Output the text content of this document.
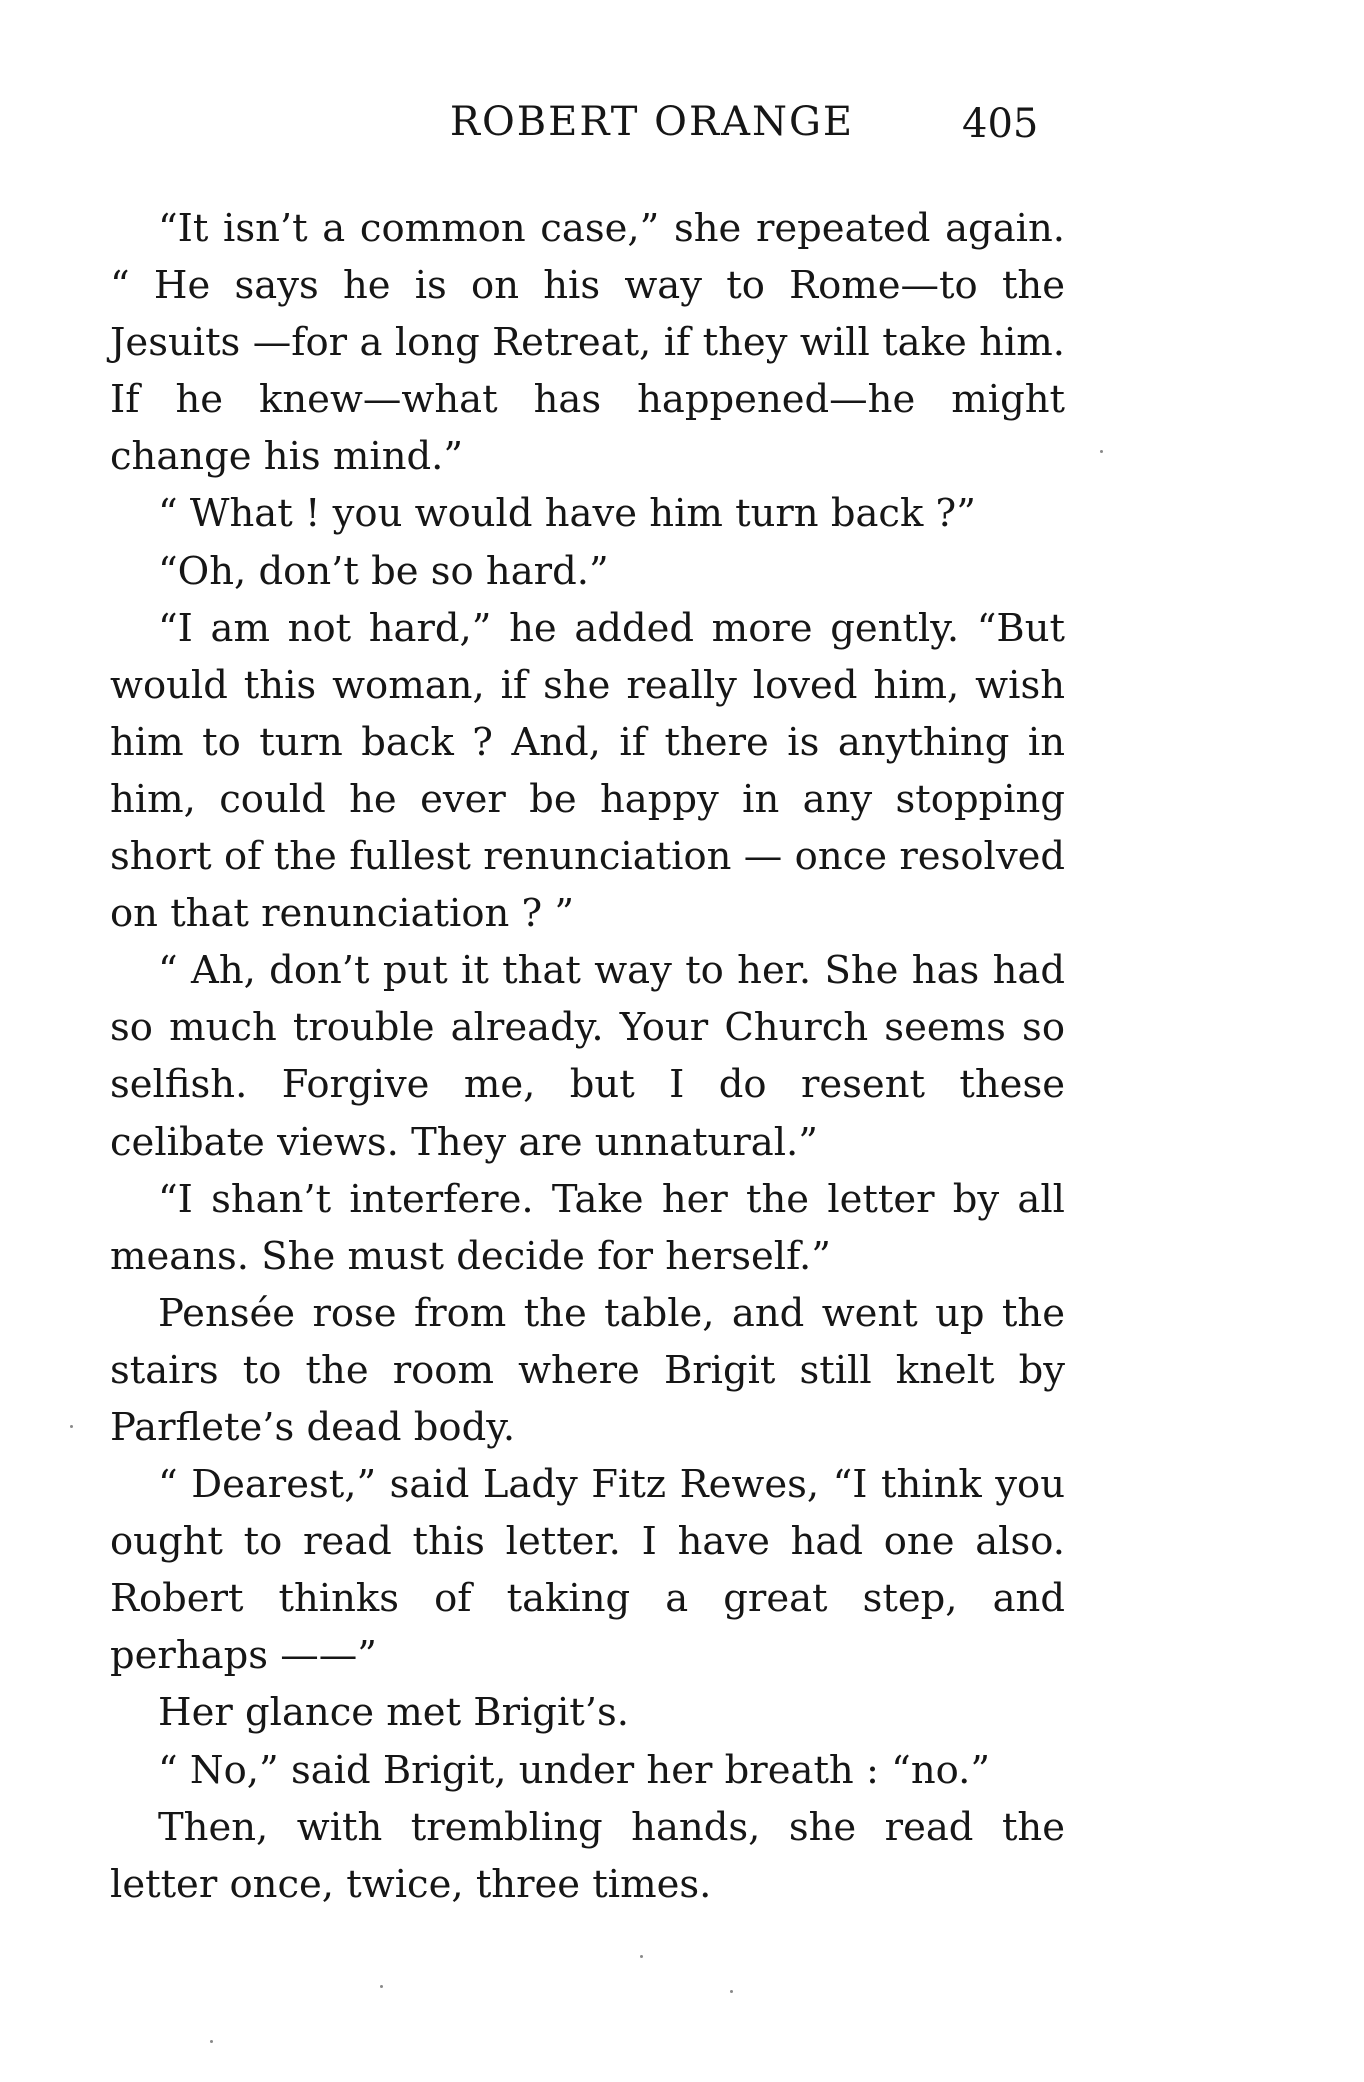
ROBERT ORANGE	405

“It isn’t a common case,” she repeated again. “ He says he is on his way to Rome—to the Jesuits —for a long Retreat, if they will take him. If he knew—what has happened—he might change his mind.”

“ What ! you would have him turn back ?”

“Oh, don’t be so hard.”

“I am not hard,” he added more gently. “But would this woman, if she really loved him, wish him to turn back ? And, if there is anything in him, could he ever be happy in any stopping short of the fullest renunciation — once resolved on that renunciation ? ”

“ Ah, don’t put it that way to her. She has had so much trouble already. Your Church seems so selfish. Forgive me, but I do resent these celibate views. They are unnatural.”

“I shan’t interfere. Take her the letter by all means. She must decide for herself.”

Pensée rose from the table, and went up the stairs to the room where Brigit still knelt by Parflete’s dead body.

“ Dearest,” said Lady Fitz Rewes, “I think you ought to read this letter. I have had one also. Robert thinks of taking a great step, and perhaps ——”

Her glance met Brigit’s.

“ No,” said Brigit, under her breath : “no.”

Then, with trembling hands, she read the letter once, twice, three times.
